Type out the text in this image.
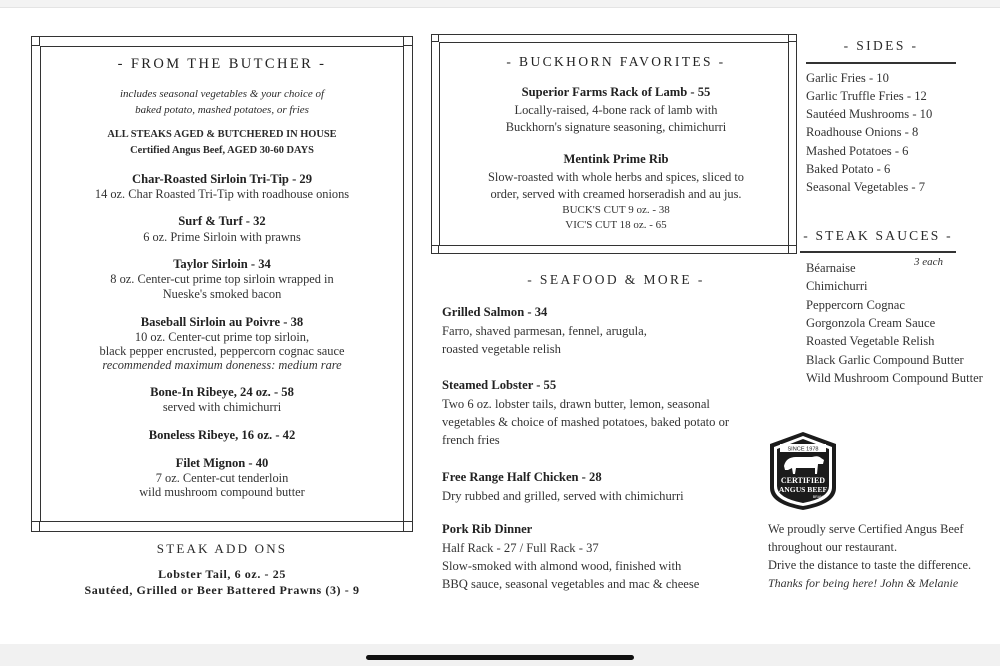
- FROM THE BUTCHER -
includes seasonal vegetables & your choice of
baked potato, mashed potatoes, or fries
ALL STEAKS AGED & BUTCHERED IN HOUSE
Certified Angus Beef, AGED 30-60 DAYS
Char-Roasted Sirloin Tri-Tip - 29
14 oz. Char Roasted Tri-Tip with roadhouse onions
Surf & Turf - 32
6 oz. Prime Sirloin with prawns
Taylor Sirloin - 34
8 oz. Center-cut prime top sirloin wrapped in
Nueske's smoked bacon
Baseball Sirloin au Poivre - 38
10 oz. Center-cut prime top sirloin,
black pepper encrusted, peppercorn cognac sauce
recommended maximum doneness: medium rare
Bone-In Ribeye, 24 oz. - 58
served with chimichurri
Boneless Ribeye, 16 oz. - 42
Filet Mignon - 40
7 oz. Center-cut tenderloin
wild mushroom compound butter
STEAK ADD ONS
Lobster Tail, 6 oz. - 25
Sautéed, Grilled or Beer Battered Prawns (3) - 9
- BUCKHORN FAVORITES -
Superior Farms Rack of Lamb - 55
Locally-raised, 4-bone rack of lamb with
Buckhorn's signature seasoning, chimichurri
Mentink Prime Rib
Slow-roasted with whole herbs and spices, sliced to
order, served with creamed horseradish and au jus.
BUCK'S CUT 9 oz. - 38
VIC'S CUT 18 oz. - 65
- SEAFOOD & MORE -
Grilled Salmon - 34
Farro, shaved parmesan, fennel, arugula,
roasted vegetable relish
Steamed Lobster - 55
Two 6 oz. lobster tails, drawn butter, lemon, seasonal
vegetables & choice of mashed potatoes, baked potato or
french fries
Free Range Half Chicken - 28
Dry rubbed and grilled, served with chimichurri
Pork Rib Dinner
Half Rack - 27 / Full Rack - 37
Slow-smoked with almond wood, finished with
BBQ sauce, seasonal vegetables and mac & cheese
- SIDES -
Garlic Fries - 10
Garlic Truffle Fries - 12
Sautéed Mushrooms - 10
Roadhouse Onions - 8
Mashed Potatoes - 6
Baked Potato - 6
Seasonal Vegetables - 7
- STEAK SAUCES -
3 each
Béarnaise
Chimichurri
Peppercorn Cognac
Gorgonzola Cream Sauce
Roasted Vegetable Relish
Black Garlic Compound Butter
Wild Mushroom Compound Butter
SINCE 1978
CERTIFIED
ANGUS BEEF
BRAND
We proudly serve Certified Angus Beef
throughout our restaurant.
Drive the distance to taste the difference.
Thanks for being here! John & Melanie
